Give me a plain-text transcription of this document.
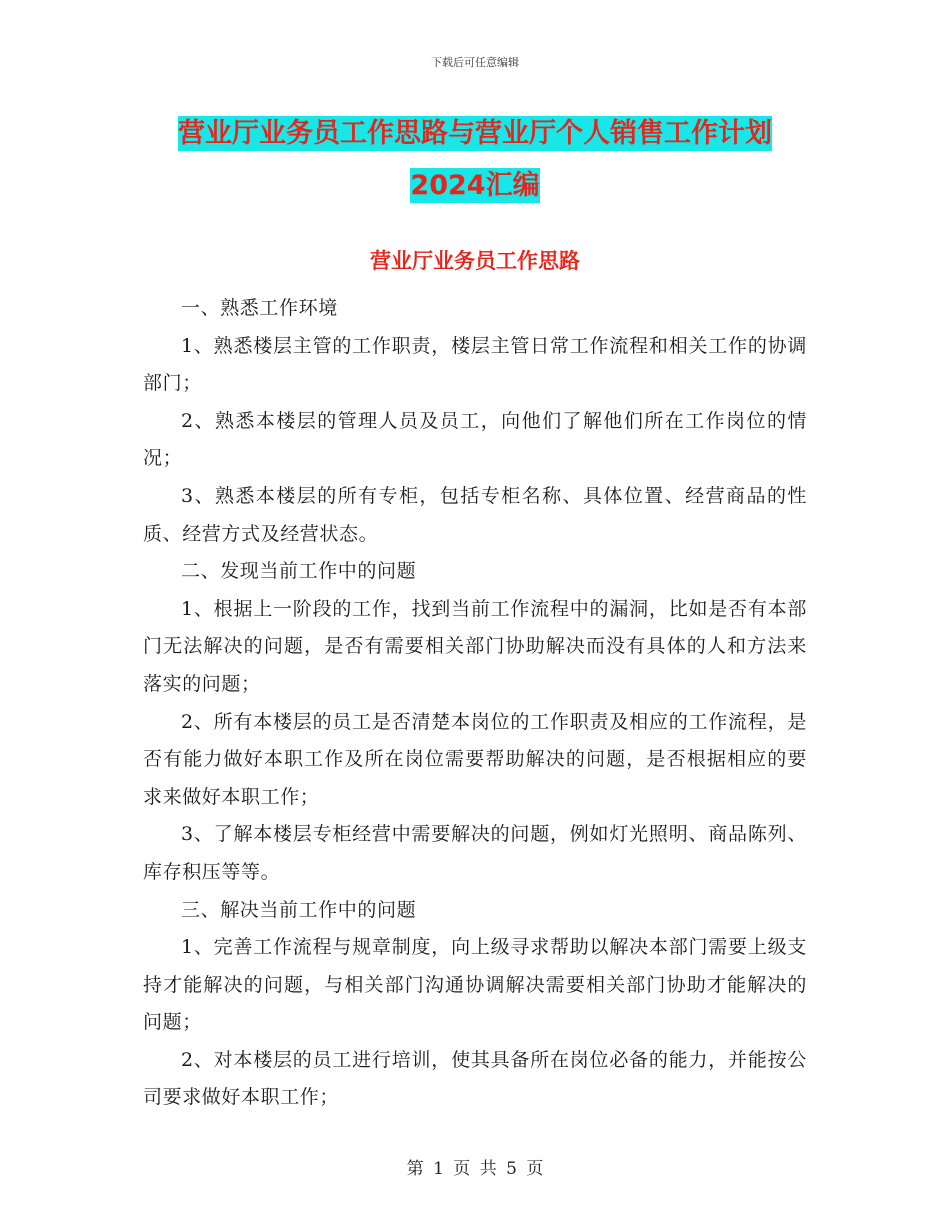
下载后可任意编辑
营业厅业务员工作思路与营业厅个人销售工作计划
2024汇编
营业厅业务员工作思路

一、熟悉工作环境

1、熟悉楼层主管的工作职责，楼层主管日常工作流程和相关工作的协调部门；

2、熟悉本楼层的管理人员及员工，向他们了解他们所在工作岗位的情况；

3、熟悉本楼层的所有专柜，包括专柜名称、具体位置、经营商品的性质、经营方式及经营状态。

二、发现当前工作中的问题

1、根据上一阶段的工作，找到当前工作流程中的漏洞，比如是否有本部门无法解决的问题，是否有需要相关部门协助解决而没有具体的人和方法来落实的问题；

2、所有本楼层的员工是否清楚本岗位的工作职责及相应的工作流程，是否有能力做好本职工作及所在岗位需要帮助解决的问题，是否根据相应的要求来做好本职工作；

3、了解本楼层专柜经营中需要解决的问题，例如灯光照明、商品陈列、库存积压等等。

三、解决当前工作中的问题

1、完善工作流程与规章制度，向上级寻求帮助以解决本部门需要上级支持才能解决的问题，与相关部门沟通协调解决需要相关部门协助才能解决的问题；

2、对本楼层的员工进行培训，使其具备所在岗位必备的能力，并能按公司要求做好本职工作；

第 1 页 共 5 页
